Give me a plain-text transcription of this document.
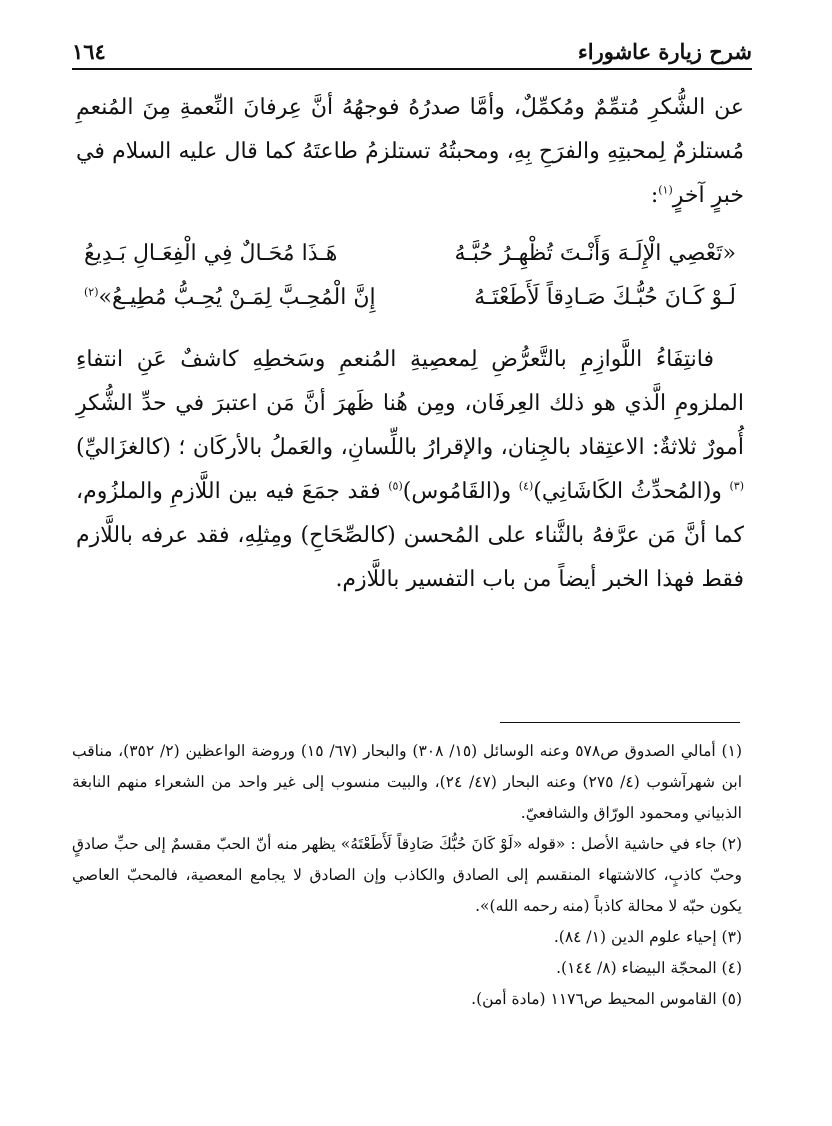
شرح زيارة عاشوراء
١٦٤

عن الشُّكرِ مُتمِّمٌ ومُكمِّلٌ، وأمَّا صدرُهُ فوجهُهُ أنَّ عِرفانَ النِّعمةِ مِنَ المُنعمِ مُستلزمٌ لِمحبتِهِ والفرَحِ بِهِ، ومحبتُهُ تستلزمُ طاعتَهُ كما قال عليه السلام في خبرٍ آخرٍ$^{(١)}$:

«تَعْصِي الْإِلَـهَ وَأَنْـتَ تُظْهِـرُ حُبَّـهُ
هَـذَا مُحَـالٌ فِي الْفِعَـالِ بَـدِيعُ
لَـوْ كَـانَ حُبُّـكَ صَـادِقاً لَأَطَعْتَـهُ
إِنَّ الْمُحِـبَّ لِمَـنْ يُحِـبُّ مُطِيـعُ»$^{(٢)}$

فانتِفَاءُ اللَّوازِمِ بالتَّعرُّضِ لِمعصِيةِ المُنعمِ وسَخطِهِ كاشفٌ عَنِ انتفاءِ الملزومِ الَّذي هو ذلك العِرفَان، ومِن هُنا ظَهرَ أنَّ مَن اعتبرَ في حدِّ الشُّكرِ أُمورٌ ثلاثةٌ: الاعتِقاد بالجِنان، والإقرارُ باللِّسانِ، والعَملُ بالأركَان ؛ (كالغزَاليِّ)$^{(٣)}$ و(المُحدِّثُ الكَاشَانِي)$^{(٤)}$ و(القَامُوس)$^{(٥)}$ فقد جمَعَ فيه بين اللَّازمِ والملزُوم، كما أنَّ مَن عرَّفهُ بالثَّناء على المُحسن (كالصِّحَاحِ) ومِثلِهِ، فقد عرفه باللَّازم فقط فهذا الخبر أيضاً من باب التفسير باللَّازم.

(١) أمالي الصدوق ص٥٧٨ وعنه الوسائل (١٥/ ٣٠٨) والبحار (٦٧/ ١٥) وروضة الواعظين (٢/ ٣٥٢)، مناقب ابن شهرآشوب (٤/ ٢٧٥) وعنه البحار (٤٧/ ٢٤)، والبيت منسوب إلى غير واحد من الشعراء منهم النابغة الذبياني ومحمود الورّاق والشافعيّ.

(٢) جاء في حاشية الأصل : «قوله «لَوْ كَانَ حُبُّكَ صَادِقاً لَأَطَعْتَهُ» يظهر منه أنّ الحبّ مقسمٌ إلى حبِّ صادقٍ وحبّ كاذبٍ، كالاشتهاء المنقسم إلى الصادق والكاذب وإن الصادق لا يجامع المعصية، فالمحبّ العاصي يكون حبّه لا محالة كاذباً (منه رحمه الله)».

(٣) إحياء علوم الدين (١/ ٨٤).

(٤) المحجّة البيضاء (٨/ ١٤٤).

(٥) القاموس المحيط ص١١٧٦ (مادة أمن).
